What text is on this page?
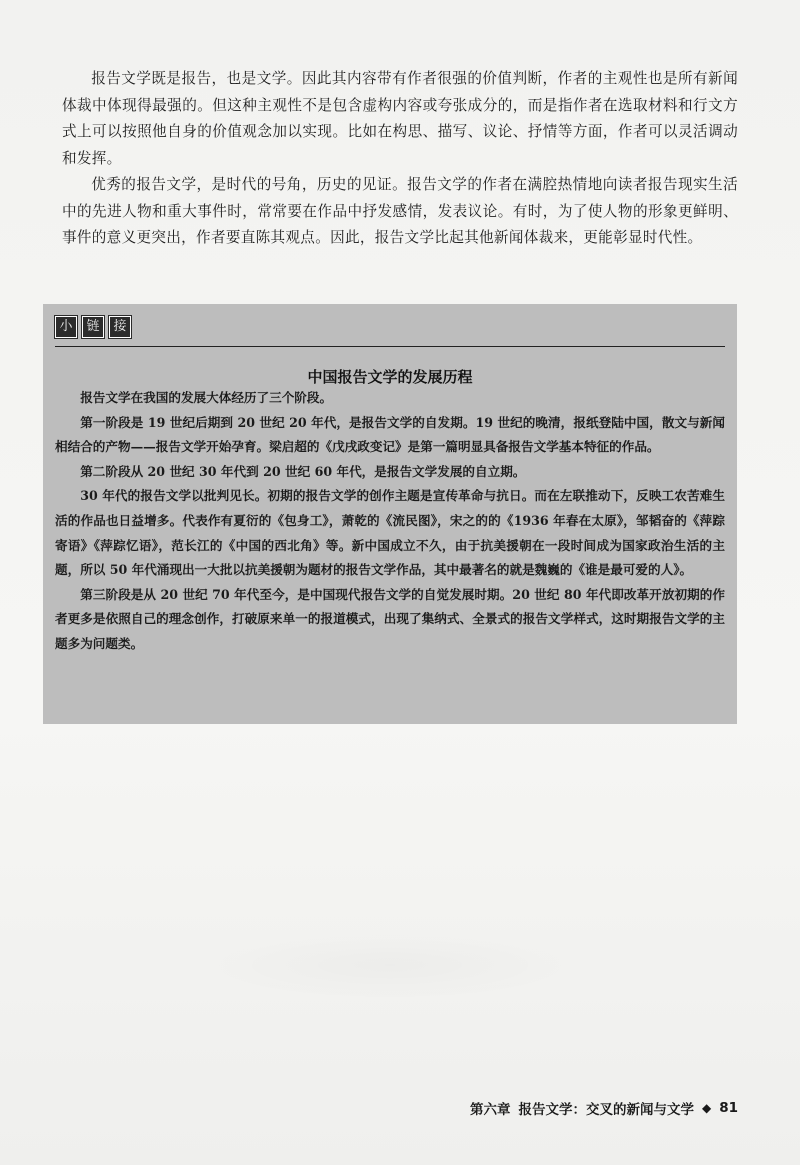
报告文学既是报告，也是文学。因此其内容带有作者很强的价值判断，作者的主观性也是所有新闻体裁中体现得最强的。但这种主观性不是包含虚构内容或夸张成分的，而是指作者在选取材料和行文方式上可以按照他自身的价值观念加以实现。比如在构思、描写、议论、抒情等方面，作者可以灵活调动和发挥。

优秀的报告文学，是时代的号角，历史的见证。报告文学的作者在满腔热情地向读者报告现实生活中的先进人物和重大事件时，常常要在作品中抒发感情，发表议论。有时，为了使人物的形象更鲜明、事件的意义更突出，作者要直陈其观点。因此，报告文学比起其他新闻体裁来，更能彰显时代性。

小	链	接
中国报告文学的发展历程

报告文学在我国的发展大体经历了三个阶段。

第一阶段是 19 世纪后期到 20 世纪 20 年代，是报告文学的自发期。19 世纪的晚清，报纸登陆中国，散文与新闻相结合的产物——报告文学开始孕育。梁启超的《戊戌政变记》是第一篇明显具备报告文学基本特征的作品。

第二阶段从 20 世纪 30 年代到 20 世纪 60 年代，是报告文学发展的自立期。

30 年代的报告文学以批判见长。初期的报告文学的创作主题是宣传革命与抗日。而在左联推动下，反映工农苦难生活的作品也日益增多。代表作有夏衍的《包身工》，萧乾的《流民图》，宋之的的《1936 年春在太原》，邹韬奋的《萍踪寄语》《萍踪忆语》，范长江的《中国的西北角》等。新中国成立不久，由于抗美援朝在一段时间成为国家政治生活的主题，所以 50 年代涌现出一大批以抗美援朝为题材的报告文学作品，其中最著名的就是魏巍的《谁是最可爱的人》。

第三阶段是从 20 世纪 70 年代至今，是中国现代报告文学的自觉发展时期。20 世纪 80 年代即改革开放初期的作者更多是依照自己的理念创作，打破原来单一的报道模式，出现了集纳式、全景式的报告文学样式，这时期报告文学的主题多为问题类。

第六章 报告文学：交叉的新闻与文学 ◆ 81
